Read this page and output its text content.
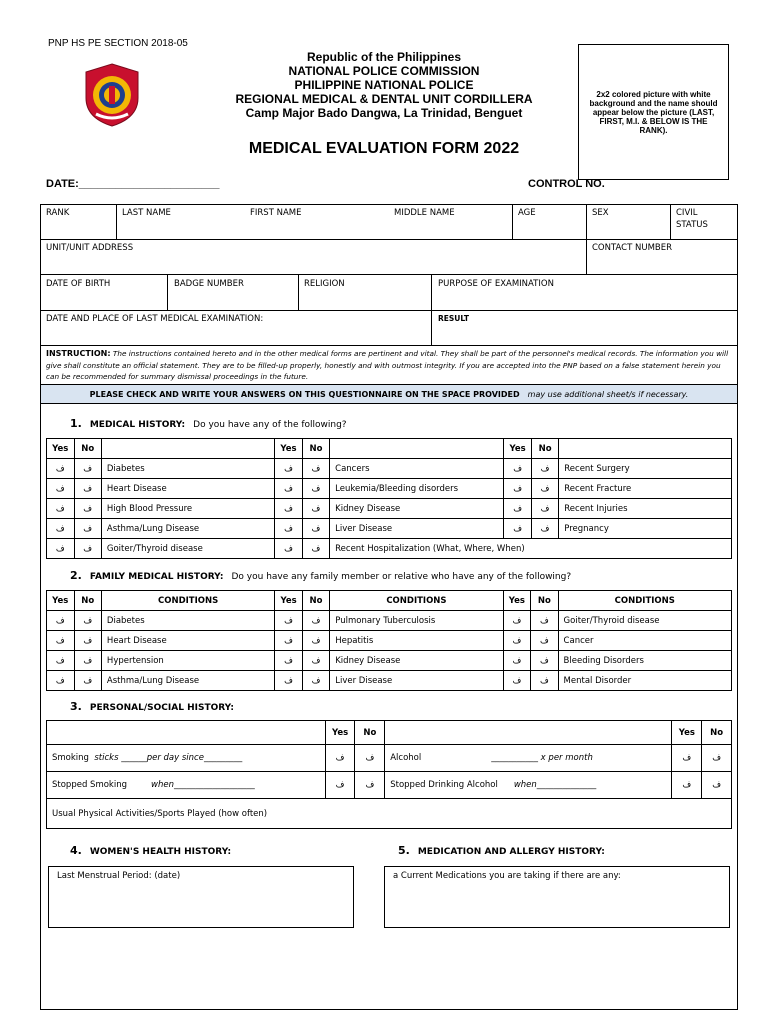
PNP HS PE SECTION 2018-05
Republic of the Philippines
NATIONAL POLICE COMMISSION
PHILIPPINE NATIONAL POLICE
REGIONAL MEDICAL & DENTAL UNIT CORDILLERA
Camp Major Bado Dangwa, La Trinidad, Benguet
2x2 colored picture with white background and the name should appear below the picture (LAST, FIRST, M.I. & BELOW IS THE RANK).
MEDICAL EVALUATION FORM 2022
DATE:_______________________	CONTROL NO.
RANK	LAST NAME	FIRST NAME	MIDDLE NAME	AGE	SEX	CIVIL STATUS
UNIT/UNIT ADDRESS	CONTACT NUMBER
DATE OF BIRTH	BADGE NUMBER	RELIGION	PURPOSE OF EXAMINATION
DATE AND PLACE OF LAST MEDICAL EXAMINATION:	RESULT
INSTRUCTION: The instructions contained hereto and in the other medical forms are pertinent and vital. They shall be part of the personnel's medical records. The information you will give shall constitute an official statement. They are to be filled-up properly, honestly and with outmost integrity. If you are accepted into the PNP based on a false statement herein you can be recommended for summary dismissal proceedings in the future.
PLEASE CHECK AND WRITE YOUR ANSWERS ON THIS QUESTIONNAIRE ON THE SPACE PROVIDED may use additional sheet/s if necessary.
1. MEDICAL HISTORY: Do you have any of the following?
Yes	No		Yes	No		Yes	No	
ف	ف	Diabetes	ف	ف	Cancers	ف	ف	Recent Surgery
ف	ف	Heart Disease	ف	ف	Leukemia/Bleeding disorders	ف	ف	Recent Fracture
ف	ف	High Blood Pressure	ف	ف	Kidney Disease	ف	ف	Recent Injuries
ف	ف	Asthma/Lung Disease	ف	ف	Liver Disease	ف	ف	Pregnancy
ف	ف	Goiter/Thyroid disease	ف	ف	Recent Hospitalization (What, Where, When)			
2. FAMILY MEDICAL HISTORY: Do you have any family member or relative who have any of the following?
Yes	No	CONDITIONS	Yes	No	CONDITIONS	Yes	No	CONDITIONS
ف	ف	Diabetes	ف	ف	Pulmonary Tuberculosis	ف	ف	Goiter/Thyroid disease
ف	ف	Heart Disease	ف	ف	Hepatitis	ف	ف	Cancer
ف	ف	Hypertension	ف	ف	Kidney Disease	ف	ف	Bleeding Disorders
ف	ف	Asthma/Lung Disease	ف	ف	Liver Disease	ف	ف	Mental Disorder
3. PERSONAL/SOCIAL HISTORY:
	Yes	No		Yes	No
Smoking sticks ______per day since_________	ف	ف	Alcohol ___________ x per month	ف	ف
Stopped Smoking when___________________	ف	ف	Stopped Drinking Alcohol when______________	ف	ف
Usual Physical Activities/Sports Played (how often)					
4. WOMEN'S HEALTH HISTORY:	5. MEDICATION AND ALLERGY HISTORY:
Last Menstrual Period: (date)	a Current Medications you are taking if there are any:
